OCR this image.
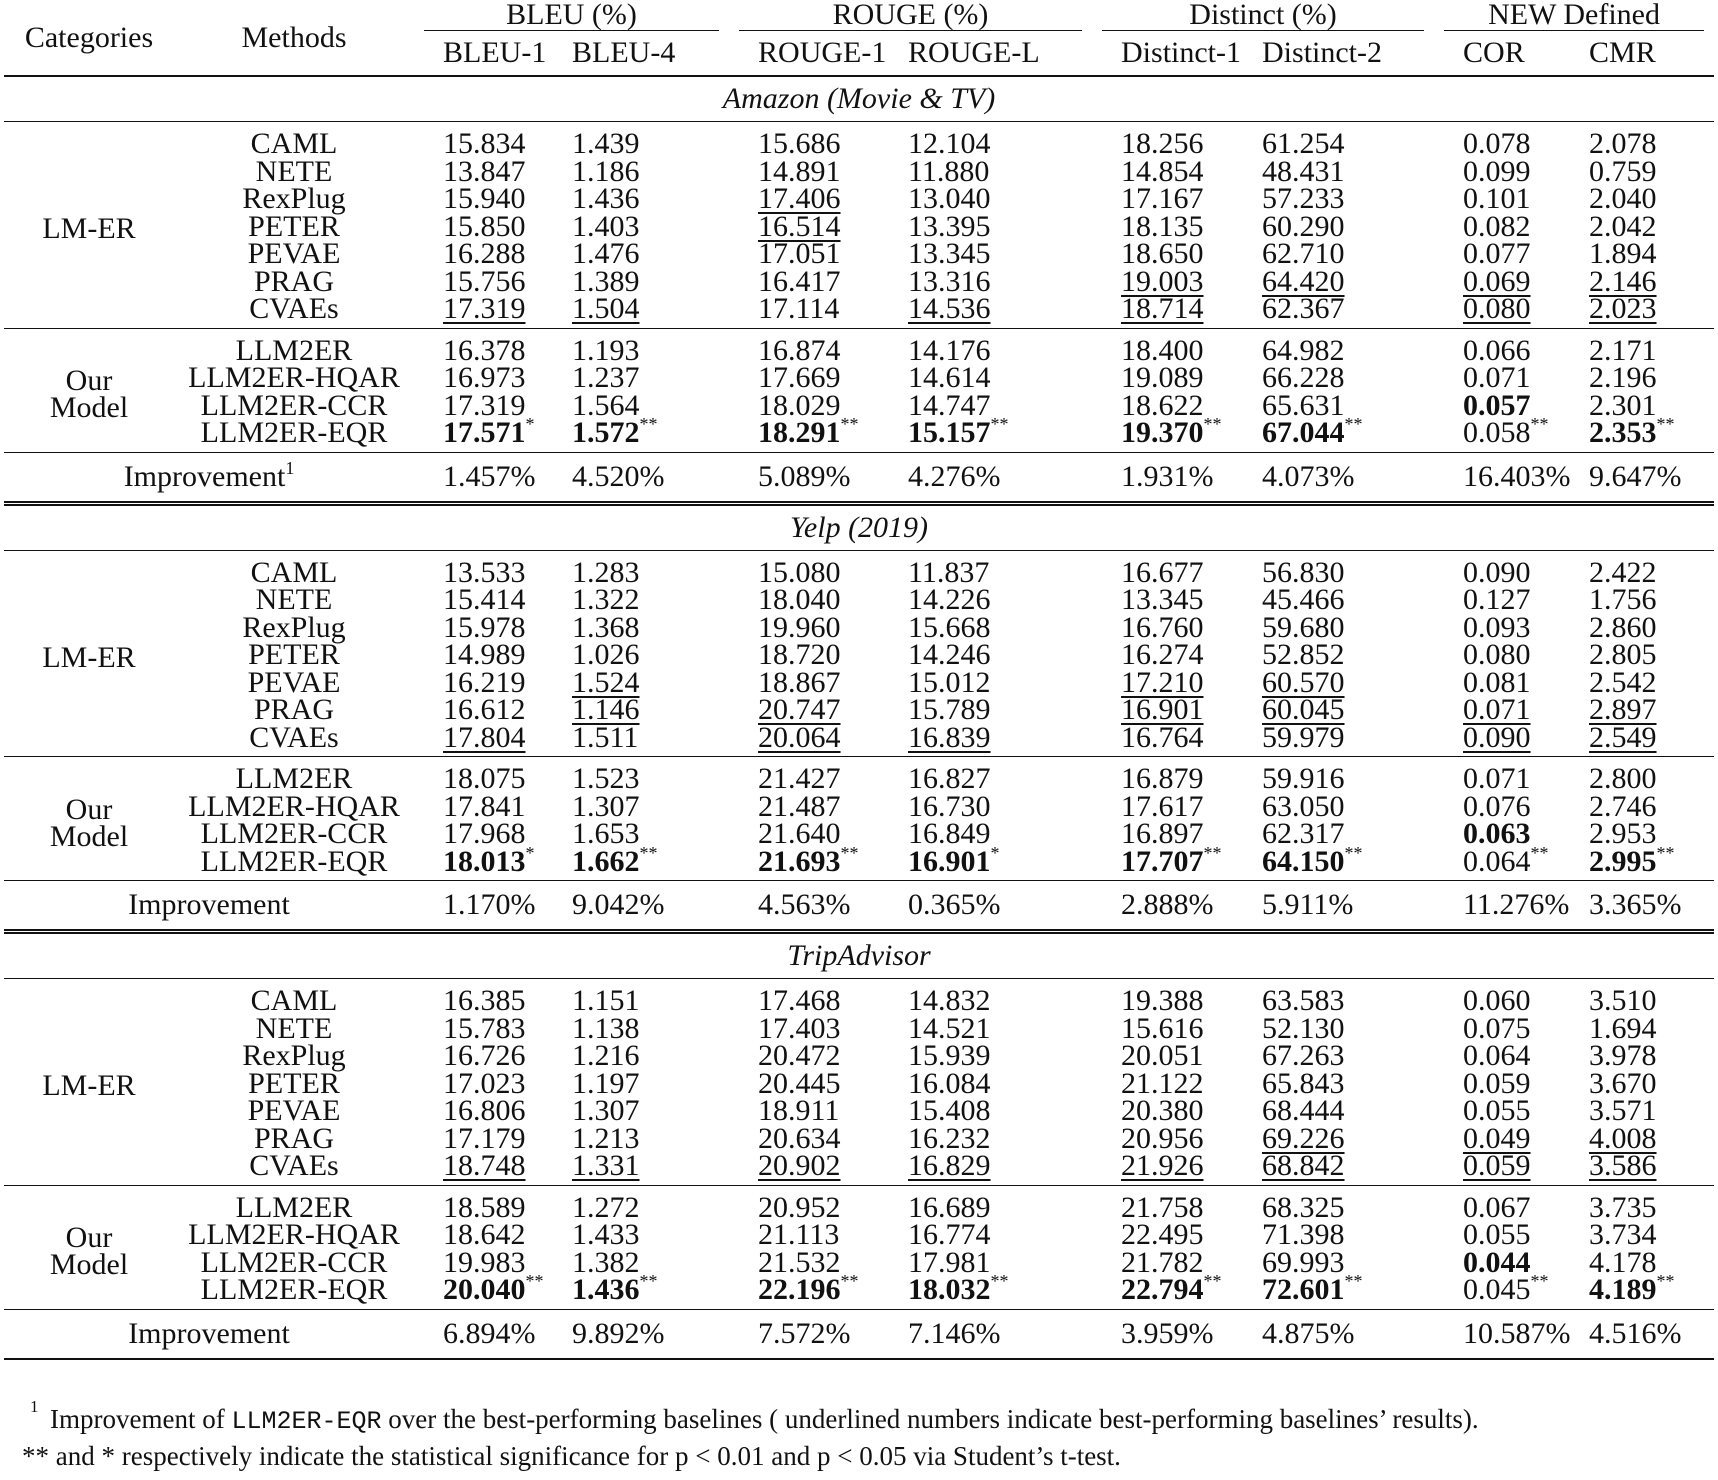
Categories	Methods	BLEU (%)		ROUGE (%)		Distinct (%)		NEW Defined	

		BLEU-1	BLEU-4	ROUGE-1	ROUGE-L	Distinct-1	Distinct-2	COR	CMR
Amazon (Movie & TV)									
LM-ER	CAML	15.834	1.439	15.686	12.104	18.256	61.254	0.078	2.078
	NETE	13.847	1.186	14.891	11.880	14.854	48.431	0.099	0.759
	RexPlug	15.940	1.436	17.406	13.040	17.167	57.233	0.101	2.040
	PETER	15.850	1.403	16.514	13.395	18.135	60.290	0.082	2.042
	PEVAE	16.288	1.476	17.051	13.345	18.650	62.710	0.077	1.894
	PRAG	15.756	1.389	16.417	13.316	19.003	64.420	0.069	2.146
	CVAEs	17.319	1.504	17.114	14.536	18.714	62.367	0.080	2.023

Our
Model	LLM2ER	16.378	1.193	16.874	14.176	18.400	64.982	0.066	2.171
	LLM2ER-HQAR	16.973	1.237	17.669	14.614	19.089	66.228	0.071	2.196
	LLM2ER-CCR	17.319	1.564	18.029	14.747	18.622	65.631	0.057	2.301
	LLM2ER-EQR	17.571*	1.572**	18.291**	15.157**	19.370**	67.044**	0.058**	2.353**
Improvement$^1$		1.457%	4.520%	5.089%	4.276%	1.931%	4.073%	16.403%	9.647%
Yelp (2019)									
LM-ER	CAML	13.533	1.283	15.080	11.837	16.677	56.830	0.090	2.422
	NETE	15.414	1.322	18.040	14.226	13.345	45.466	0.127	1.756
	RexPlug	15.978	1.368	19.960	15.668	16.760	59.680	0.093	2.860
	PETER	14.989	1.026	18.720	14.246	16.274	52.852	0.080	2.805
	PEVAE	16.219	1.524	18.867	15.012	17.210	60.570	0.081	2.542
	PRAG	16.612	1.146	20.747	15.789	16.901	60.045	0.071	2.897
	CVAEs	17.804	1.511	20.064	16.839	16.764	59.979	0.090	2.549

Our
Model	LLM2ER	18.075	1.523	21.427	16.827	16.879	59.916	0.071	2.800
	LLM2ER-HQAR	17.841	1.307	21.487	16.730	17.617	63.050	0.076	2.746
	LLM2ER-CCR	17.968	1.653	21.640	16.849	16.897	62.317	0.063	2.953
	LLM2ER-EQR	18.013*	1.662**	21.693**	16.901*	17.707**	64.150**	0.064**	2.995**
Improvement		1.170%	9.042%	4.563%	0.365%	2.888%	5.911%	11.276%	3.365%
TripAdvisor									
LM-ER	CAML	16.385	1.151	17.468	14.832	19.388	63.583	0.060	3.510
	NETE	15.783	1.138	17.403	14.521	15.616	52.130	0.075	1.694
	RexPlug	16.726	1.216	20.472	15.939	20.051	67.263	0.064	3.978
	PETER	17.023	1.197	20.445	16.084	21.122	65.843	0.059	3.670
	PEVAE	16.806	1.307	18.911	15.408	20.380	68.444	0.055	3.571
	PRAG	17.179	1.213	20.634	16.232	20.956	69.226	0.049	4.008
	CVAEs	18.748	1.331	20.902	16.829	21.926	68.842	0.059	3.586

Our
Model	LLM2ER	18.589	1.272	20.952	16.689	21.758	68.325	0.067	3.735
	LLM2ER-HQAR	18.642	1.433	21.113	16.774	22.495	71.398	0.055	3.734
	LLM2ER-CCR	19.983	1.382	21.532	17.981	21.782	69.993	0.044	4.178
	LLM2ER-EQR	20.040**	1.436**	22.196**	18.032**	22.794**	72.601**	0.045**	4.189**
Improvement		6.894%	9.892%	7.572%	7.146%	3.959%	4.875%	10.587%	4.516%
1 Improvement of LLM2ER-EQR over the best-performing baselines ( underlined numbers indicate best-performing baselines’ results).
** and * respectively indicate the statistical significance for p < 0.01 and p < 0.05 via Student’s t-test.
